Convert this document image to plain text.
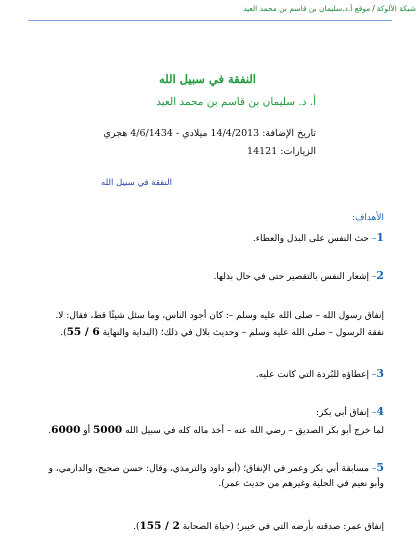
شبكة الألوكة/موقع أ.د.سليمان بن قاسم بن محمد العيد
النفقة في سبيل الله
أ. د. سليمان بن قاسم بن محمد العيد
تاريخ الإضافة: 14/4/2013 ميلادي - 4/6/1434 هجري
الزيارات: 14121
النفقة في سبيل الله
الأهداف:
1– حث النفس على البذل والعطاء.
2– إشعار النفس بالتقصير حتى في حال بذلها.
إنفاق رسول الله – صلى الله عليه وسلم –: كان أجود الناس، وما سئل شيئًا قط، فقال: لا.
نفقة الرسول – صلى الله عليه وسلم – وحديث بلال في ذلك؛ (البداية والنهاية 6 / 55).
3– إعطاؤه للبُردة التي كانت عليه.
4– إنفاق أبي بكر:
لما خرج أبو بكر الصديق – رضي الله عنه – أخذ ماله كله في سبيل الله 5000 أو 6000.
5– مسابقة أبي بكر وعمر في الإنفاق؛ (أبو داود والترمذي، وقال: حسن صحيح، والدارمي، و
وأبو نعيم في الحلية وغيرهم من حديث عمر).
إنفاق عمر: صدقته بأرضه التي في خيبر؛ (حياة الصحابة 2 / 155).
